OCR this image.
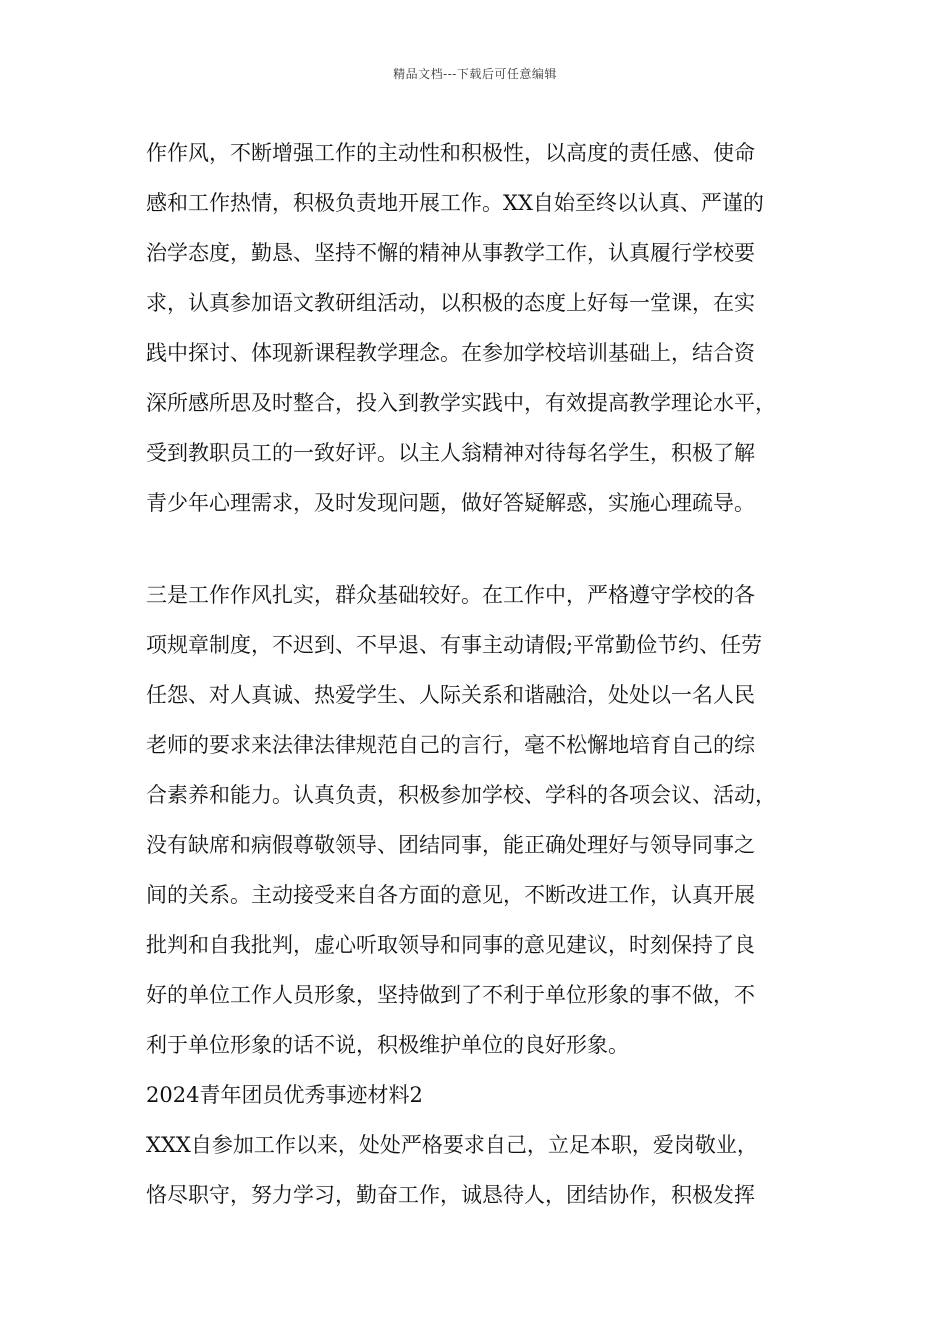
精品文档---下载后可任意编辑
作作风，不断增强工作的主动性和积极性，以高度的责任感、使命
感和工作热情，积极负责地开展工作。XX自始至终以认真、严谨的
治学态度，勤恳、坚持不懈的精神从事教学工作，认真履行学校要
求，认真参加语文教研组活动，以积极的态度上好每一堂课，在实
践中探讨、体现新课程教学理念。在参加学校培训基础上，结合资
深所感所思及时整合，投入到教学实践中，有效提高教学理论水平，
受到教职员工的一致好评。以主人翁精神对待每名学生，积极了解
青少年心理需求，及时发现问题，做好答疑解惑，实施心理疏导。
三是工作作风扎实，群众基础较好。在工作中，严格遵守学校的各
项规章制度，不迟到、不早退、有事主动请假;平常勤俭节约、任劳
任怨、对人真诚、热爱学生、人际关系和谐融洽，处处以一名人民
老师的要求来法律法律规范自己的言行，毫不松懈地培育自己的综
合素养和能力。认真负责，积极参加学校、学科的各项会议、活动，
没有缺席和病假尊敬领导、团结同事，能正确处理好与领导同事之
间的关系。主动接受来自各方面的意见，不断改进工作，认真开展
批判和自我批判，虚心听取领导和同事的意见建议，时刻保持了良
好的单位工作人员形象，坚持做到了不利于单位形象的事不做，不
利于单位形象的话不说，积极维护单位的良好形象。
2024青年团员优秀事迹材料2
XXX自参加工作以来，处处严格要求自己，立足本职，爱岗敬业，
恪尽职守，努力学习，勤奋工作，诚恳待人，团结协作，积极发挥
